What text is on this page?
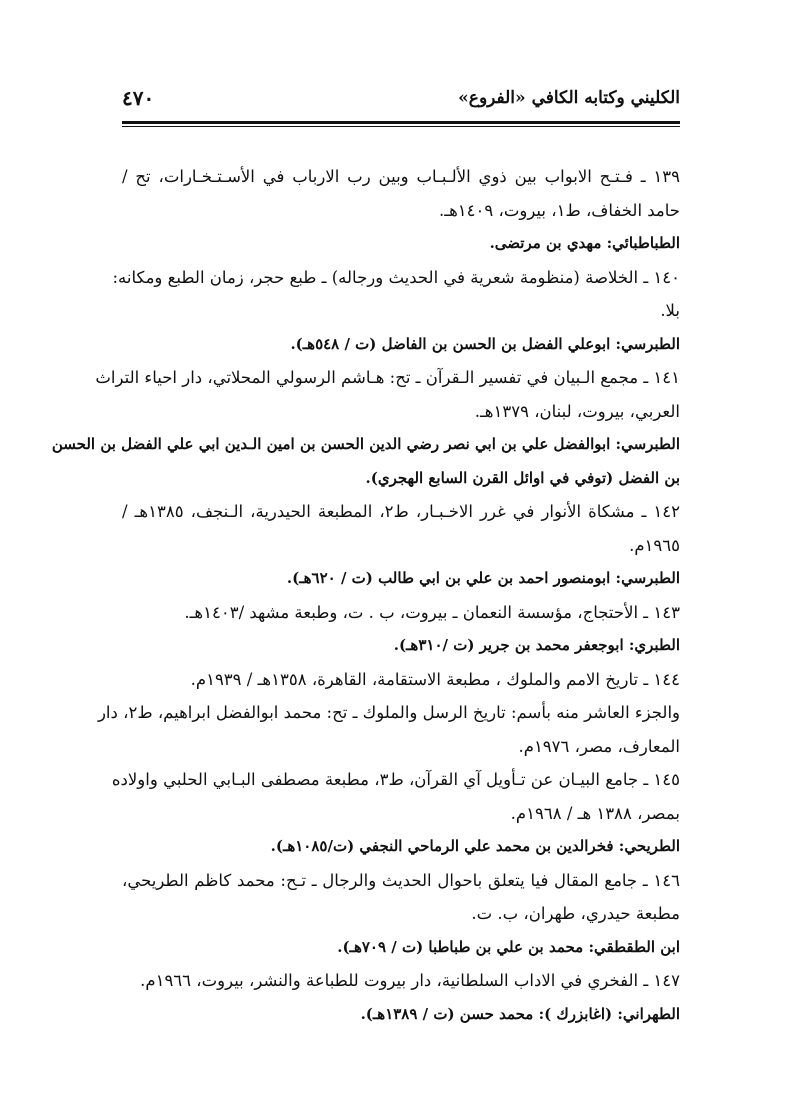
الكليني وكتابه الكافي «الفروع»
٤٧٠
١٣٩ ـ فـتـح الابواب بين ذوي الألـبـاب وبين رب الارباب في الأسـتـخـارات، تح /
حامد الخفاف، ط١، بيروت، ١٤٠٩هـ.
الطباطبائي: مهدي بن مرتضى.
١٤٠ ـ الخلاصة (منظومة شعرية في الحديث ورجاله) ـ طبع حجر، زمان الطبع ومكانه:
بلا.
الطبرسي: ابوعلي الفضل بن الحسن بن الفاضل (ت / ٥٤٨هـ).
١٤١ ـ مجمع الـبيان في تفسير الـقرآن ـ تح: هـاشم الرسولي المحلاتي، دار احياء التراث
العربي، بيروت، لبنان، ١٣٧٩هـ.
الطبرسي: ابوالفضل علي بن ابي نصر رضي الدين الحسن بن امين الـدين ابي علي الفضل بن الحسن
بن الفضل (توفي في اوائل القرن السابع الهجري).
١٤٢ ـ مشكاة الأنوار في غرر الاخـبـار، ط٢، المطبعة الحيدرية، الـنجف، ١٣٨٥هـ /
١٩٦٥م.
الطبرسي: ابومنصور احمد بن علي بن ابي طالب (ت / ٦٢٠هـ).
١٤٣ ـ الأحتجاج، مؤسسة النعمان ـ بيروت، ب . ت، وطبعة مشهد /١٤٠٣هـ.
الطبري: ابوجعفر محمد بن جرير (ت /٣١٠هـ).
١٤٤ ـ تاريخ الامم والملوك ، مطبعة الاستقامة، القاهرة، ١٣٥٨هـ / ١٩٣٩م.
والجزء العاشر منه بأسم: تاريخ الرسل والملوك ـ تح: محمد ابوالفضل ابراهيم، ط٢، دار
المعارف، مصر، ١٩٧٦م.
١٤٥ ـ جامع البيـان عن تـأويل آي القرآن، ط٣، مطبعة مصطفى البـابي الحلبي واولاده
بمصر، ١٣٨٨ هـ / ١٩٦٨م.
الطريحي: فخرالدين بن محمد علي الرماحي النجفي (ت/١٠٨٥هـ).
١٤٦ ـ جامع المقال فيا يتعلق باحوال الحديث والرجال ـ تـح: محمد كاظم الطريحي،
مطبعة حيدري، طهران، ب. ت.
ابن الطقطقي: محمد بن علي بن طباطبا (ت / ٧٠٩هـ).
١٤٧ ـ الفخري في الاداب السلطانية، دار بيروت للطباعة والنشر، بيروت، ١٩٦٦م.
الطهراني: (اغابزرك ): محمد حسن (ت / ١٣٨٩هـ).
